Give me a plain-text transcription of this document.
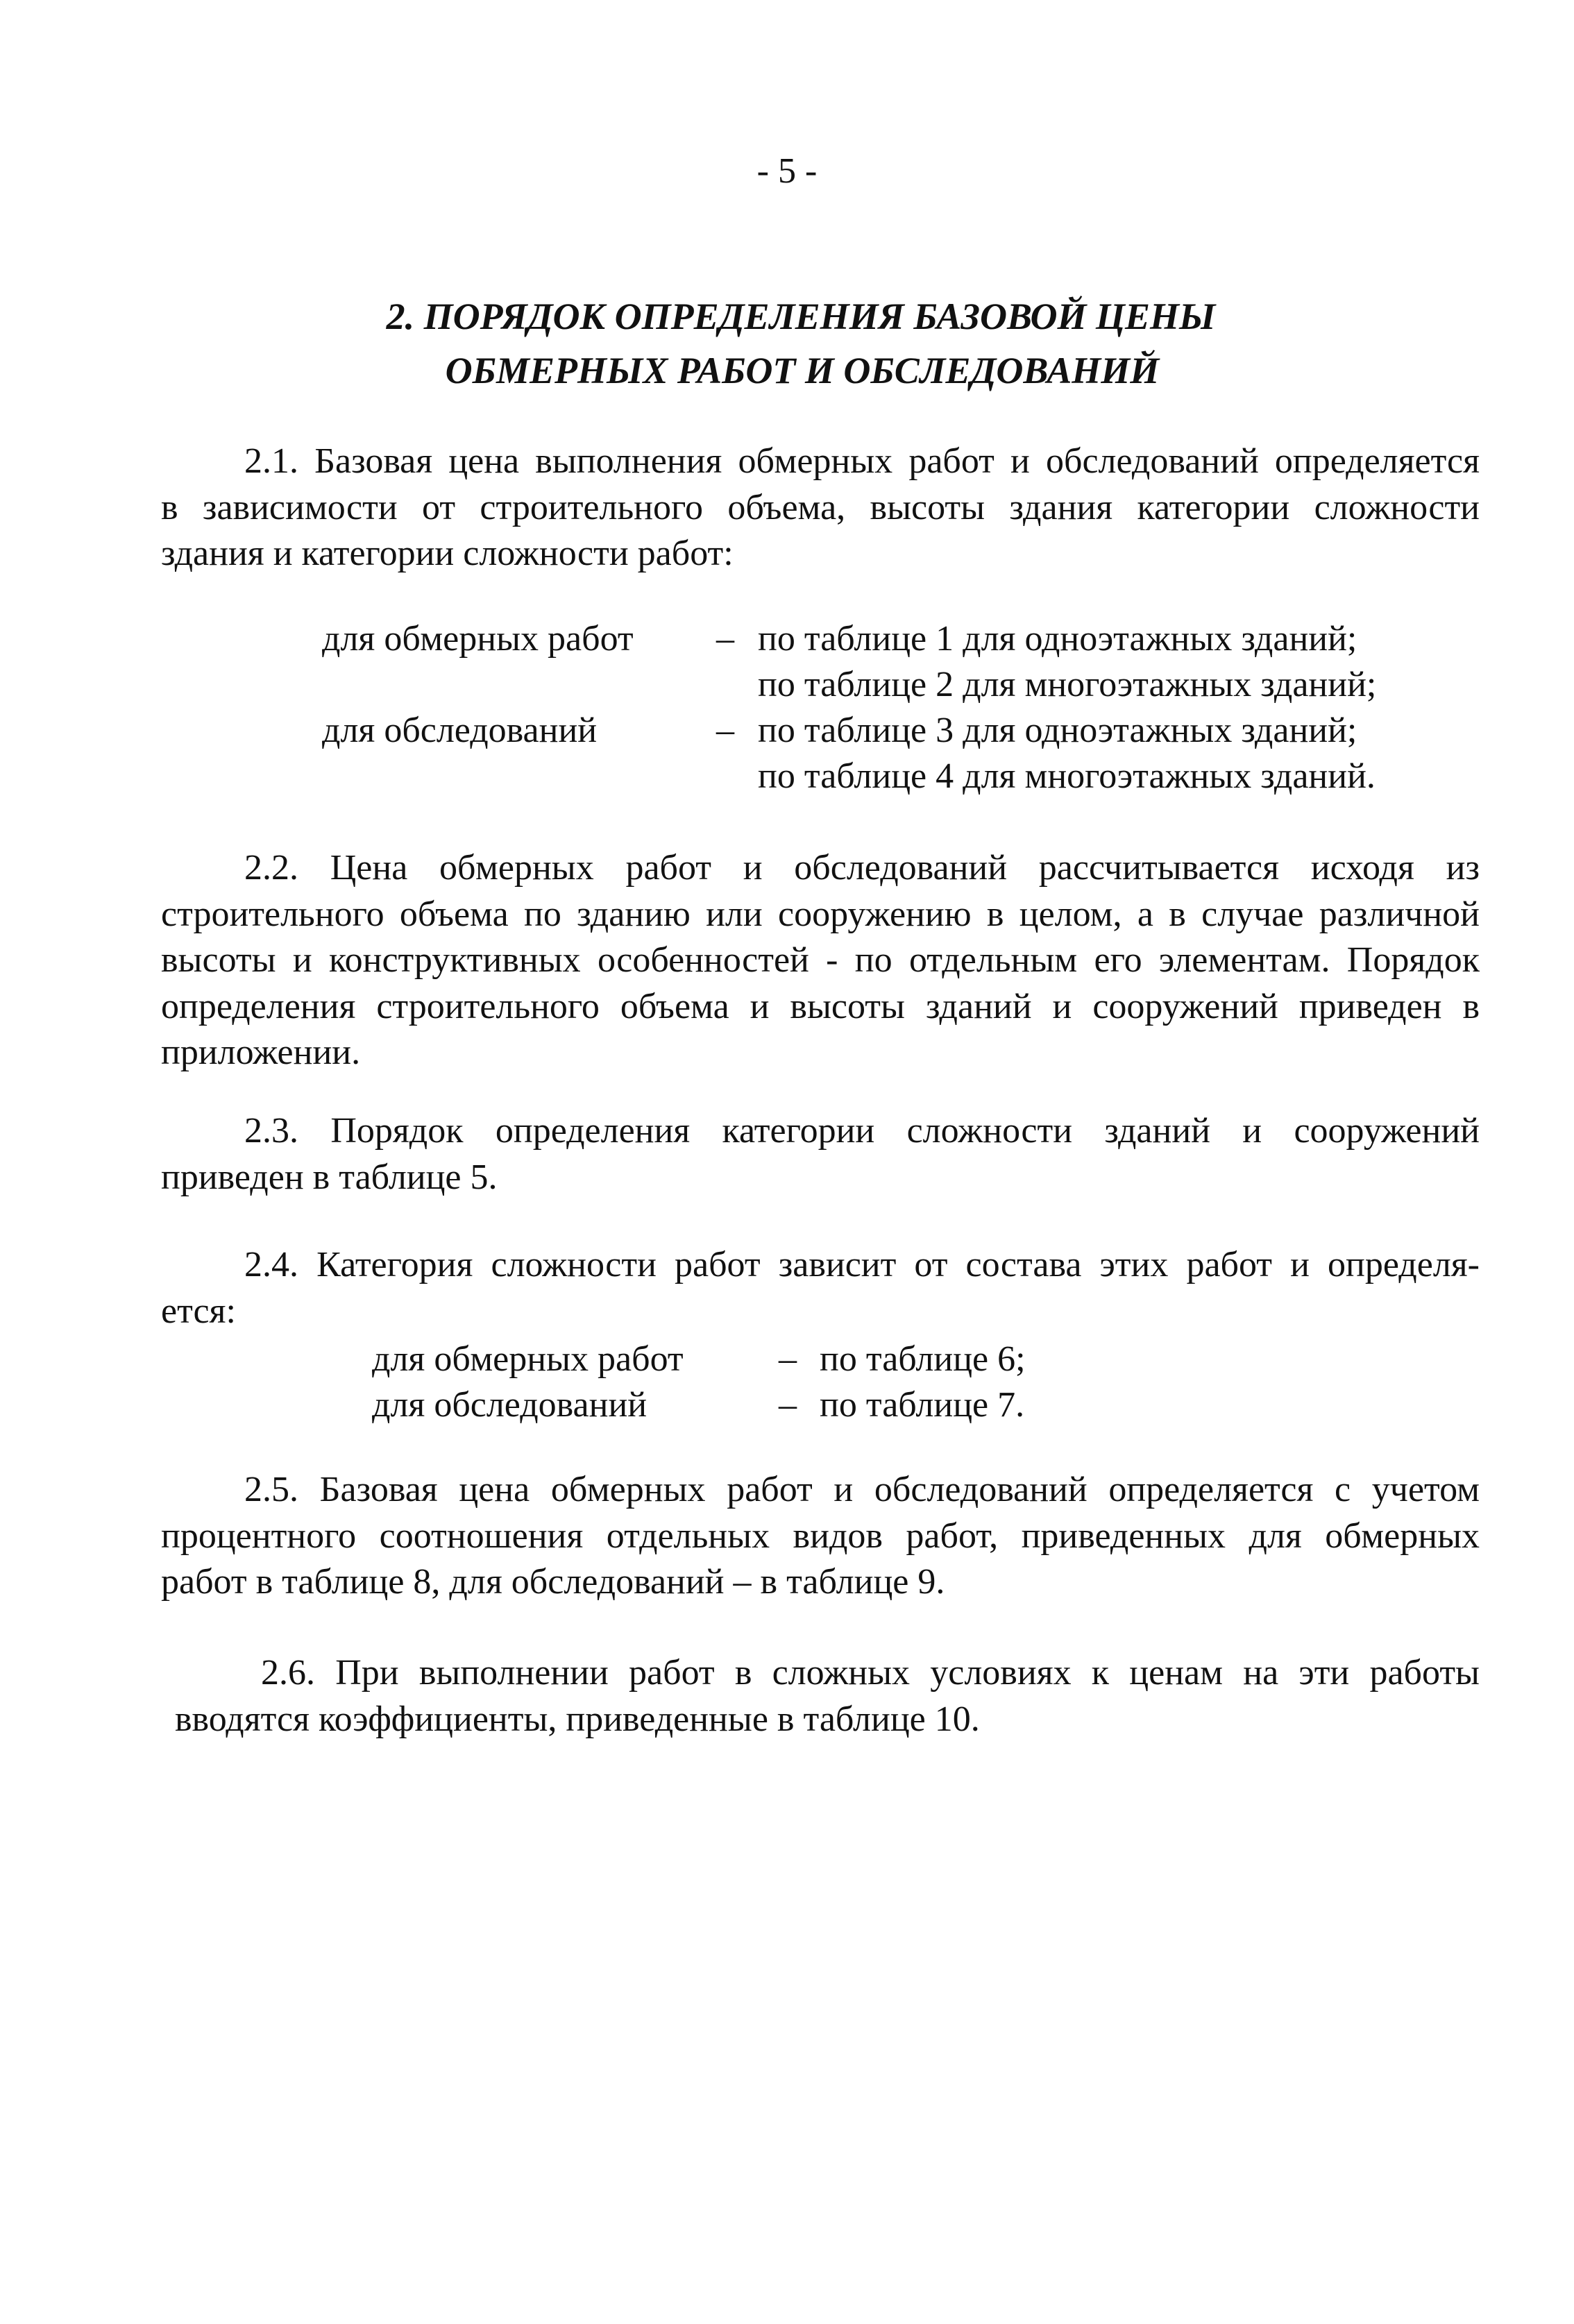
- 5 -
2. ПОРЯДОК ОПРЕДЕЛЕНИЯ БАЗОВОЙ ЦЕНЫ
ОБМЕРНЫХ РАБОТ И ОБСЛЕДОВАНИЙ
2.1. Базовая цена выполнения обмерных работ и обследований определяется
в зависимости от строительного объема, высоты здания категории сложности
здания и категории сложности работ:
для обмерных работ – по таблице 1 для одноэтажных зданий;
по таблице 2 для многоэтажных зданий;
для обследований	– по таблице 3 для одноэтажных зданий;
по таблице 4 для многоэтажных зданий.
2.2. Цена обмерных работ и обследований рассчитывается исходя из
строительного объема по зданию или сооружению в целом, а в случае различной
высоты и конструктивных особенностей - по отдельным его элементам. Порядок
определения строительного объема и высоты зданий и сооружений приведен в
приложении.
2.3. Порядок определения категории сложности зданий и сооружений
приведен в таблице 5.
2.4. Категория сложности работ зависит от состава этих работ и определя-
ется:
для обмерных работ	– по таблице 6;
для обследований	– по таблице 7.
2.5. Базовая цена обмерных работ и обследований определяется с учетом
процентного соотношения отдельных видов работ, приведенных для обмерных
работ в таблице 8, для обследований – в таблице 9.
2.6. При выполнении работ в сложных условиях к ценам на эти работы
вводятся коэффициенты, приведенные в таблице 10.
